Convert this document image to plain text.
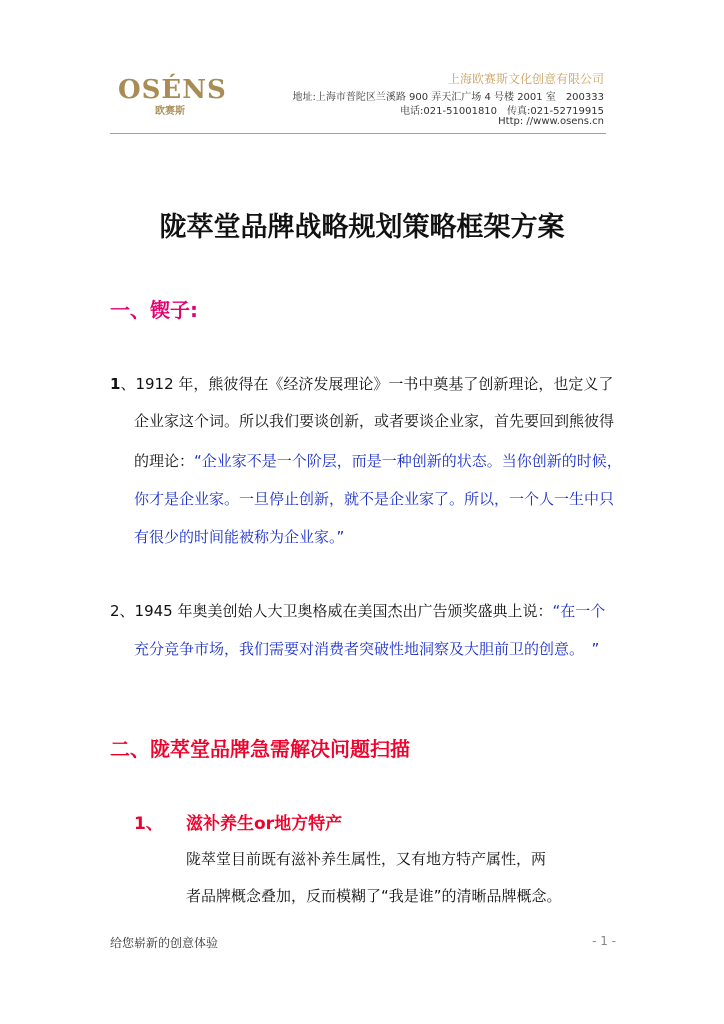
OSÉNS
欧赛斯
上海欧赛斯文化创意有限公司
地址:上海市普陀区兰溪路 900 弄天汇广场 4 号楼 2001 室　200333
电话:021-51001810　传真:021-52719915
Http: //www.osens.cn
陇萃堂品牌战略规划策略框架方案
一、锲子:
1、1912 年，熊彼得在《经济发展理论》一书中奠基了创新理论，也定义了
企业家这个词。所以我们要谈创新，或者要谈企业家，首先要回到熊彼得
的理论：“企业家不是一个阶层，而是一种创新的状态。当你创新的时候，
你才是企业家。一旦停止创新，就不是企业家了。所以，一个人一生中只
有很少的时间能被称为企业家。”
2、1945 年奥美创始人大卫奥格威在美国杰出广告颁奖盛典上说：“在一个
充分竞争市场，我们需要对消费者突破性地洞察及大胆前卫的创意。　”
二、陇萃堂品牌急需解决问题扫描
1、 滋补养生or地方特产
陇萃堂目前既有滋补养生属性，又有地方特产属性，两
者品牌概念叠加，反而模糊了“我是谁”的清晰品牌概念。
给您崭新的创意体验	- 1 -
